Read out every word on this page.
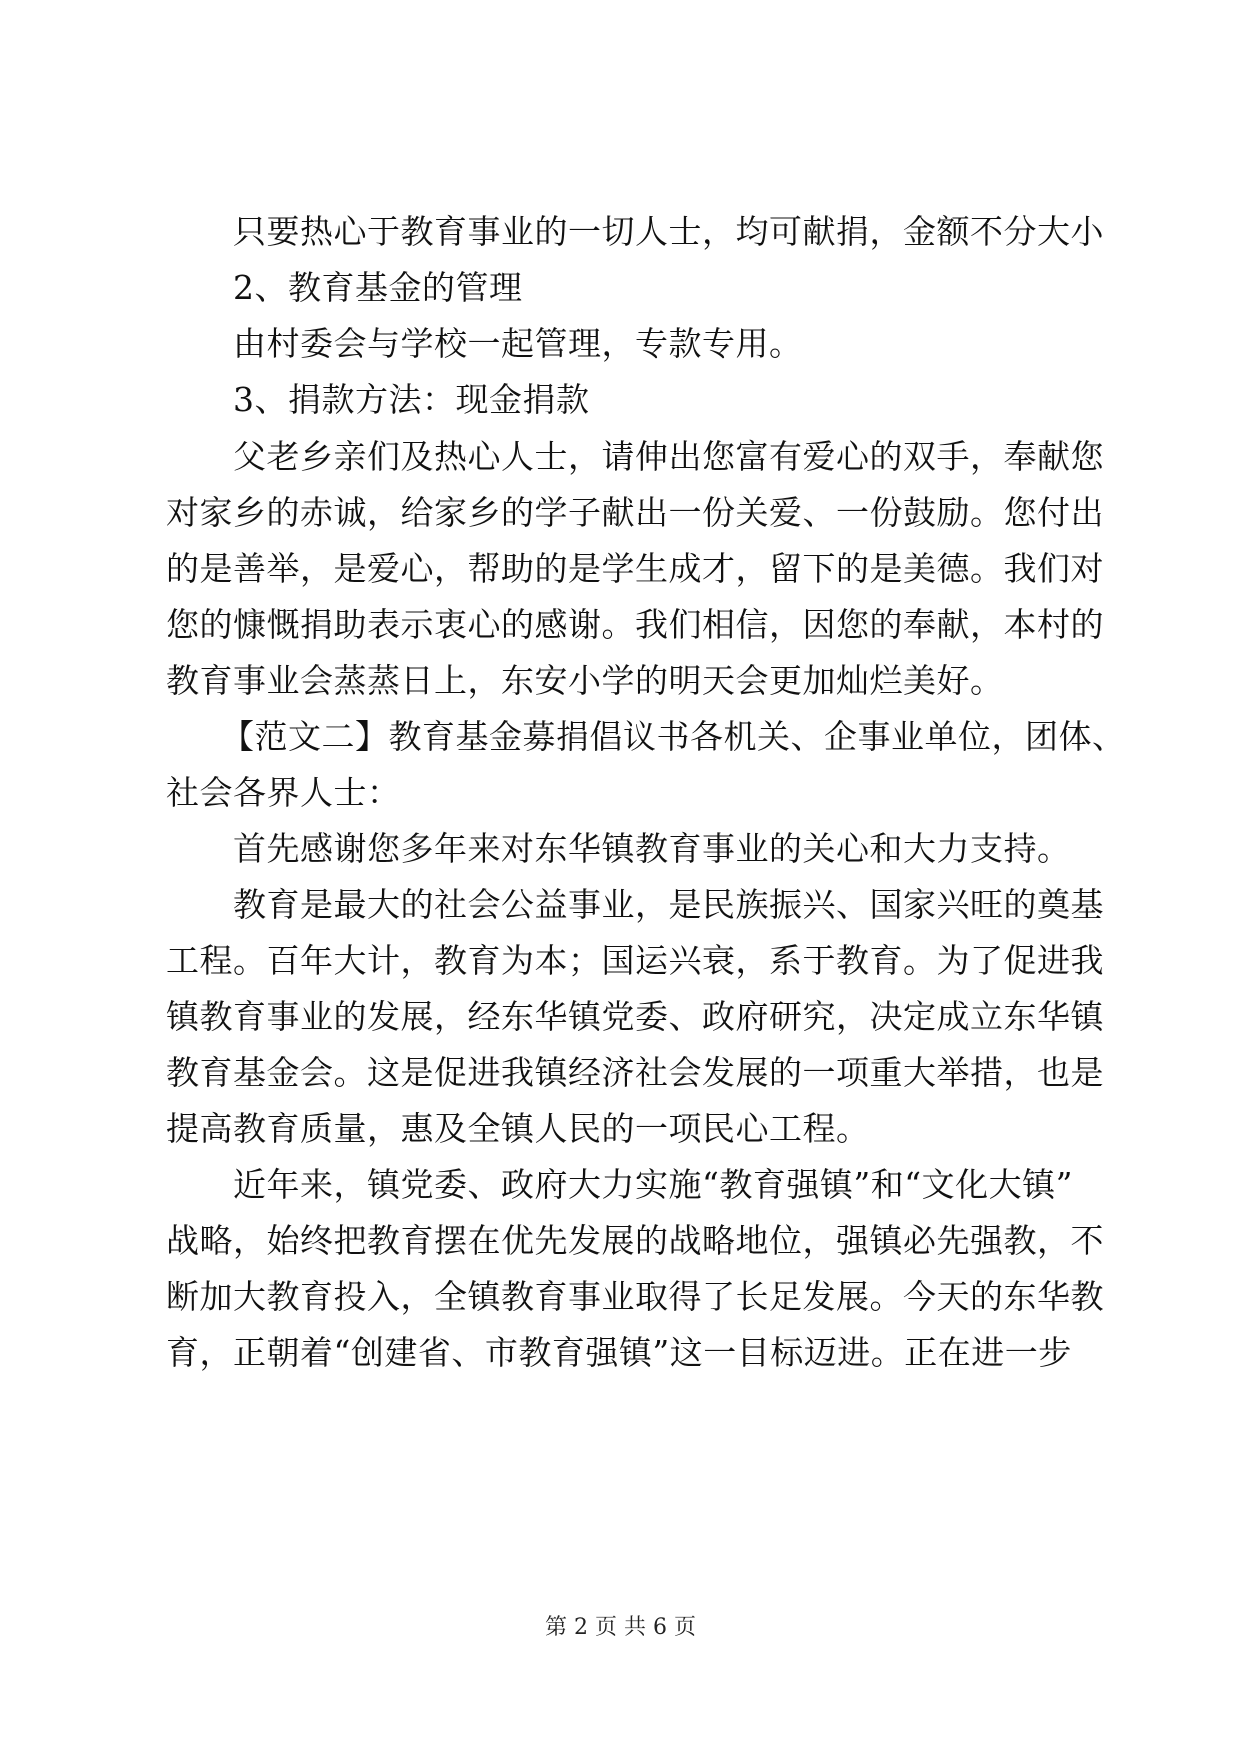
只要热心于教育事业的一切人士，均可献捐，金额不分大小
2、教育基金的管理
由村委会与学校一起管理，专款专用。
3、捐款方法：现金捐款
父老乡亲们及热心人士，请伸出您富有爱心的双手，奉献您
对家乡的赤诚，给家乡的学子献出一份关爱、一份鼓励。您付出
的是善举，是爱心，帮助的是学生成才，留下的是美德。我们对
您的慷慨捐助表示衷心的感谢。我们相信，因您的奉献，本村的
教育事业会蒸蒸日上，东安小学的明天会更加灿烂美好。
【范文二】教育基金募捐倡议书各机关、企事业单位，团体、
社会各界人士：
首先感谢您多年来对东华镇教育事业的关心和大力支持。
教育是最大的社会公益事业，是民族振兴、国家兴旺的奠基
工程。百年大计，教育为本；国运兴衰，系于教育。为了促进我
镇教育事业的发展，经东华镇党委、政府研究，决定成立东华镇
教育基金会。这是促进我镇经济社会发展的一项重大举措，也是
提高教育质量，惠及全镇人民的一项民心工程。
近年来，镇党委、政府大力实施“教育强镇”和“文化大镇”
战略，始终把教育摆在优先发展的战略地位，强镇必先强教，不
断加大教育投入，全镇教育事业取得了长足发展。今天的东华教
育，正朝着“创建省、市教育强镇”这一目标迈进。正在进一步
第 2 页 共 6 页
